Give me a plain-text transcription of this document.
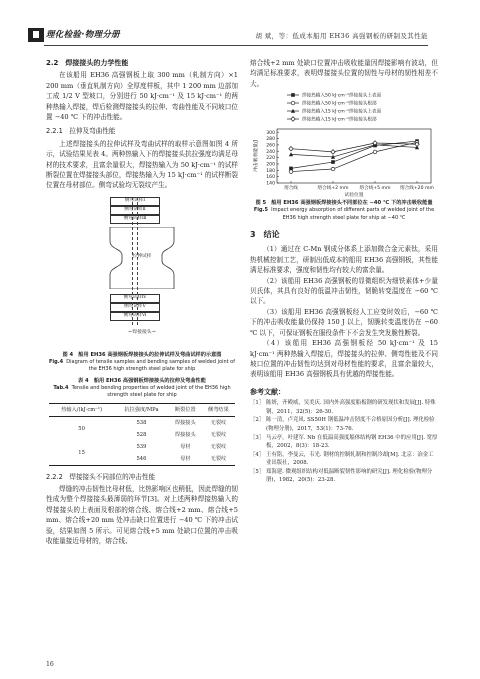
理化检验·物理分册	胡 斌，等：低成本船用 EH36 高强钢板的研制及其性能
2.2　焊接接头的力学性能

在该船用 EH36 高强钢板上取 300 mm（轧制方向）×1 200 mm（垂直轧制方向）全厚度样板，其中 1 200 mm 边部加工成 1/2 V 型坡口，分别进行 50 kJ·cm⁻¹ 及 15 kJ·cm⁻¹ 的两种热输入焊接，焊后检测焊接接头的拉伸、弯曲性能及不同坡口位置 −40 ℃ 下的冲击性能。

2.2.1　拉伸及弯曲性能

上述焊接接头的拉伸试样及弯曲试样的取样示意图如图 4 所示，试验结果见表 4。两种热输入下的焊接接头抗拉强度均满足母材的技术要求，且富余量很大，焊接热输入为 50 kJ·cm⁻¹ 的试样断裂位置在焊接接头部位，焊接热输入为 15 kJ·cm⁻¹ 的试样断裂位置在母材部位。侧弯试验均无裂纹产生。

侧弯试样Ⅰ
侧弯试样Ⅱ
侧弯试样Ⅲ
拉伸试样
侧弯试样Ⅳ
侧弯试样Ⅴ
侧弯试样Ⅵ
←焊接接头→
图 4　船用 EH36 高强钢板焊接接头的拉伸试样及弯曲试样的示意图
Fig.4 Diagram of tensile samples and bending samples of welded joint of the EH36 high strength steel plate for ship
表 4　船用 EH36 高强钢板焊接接头的拉伸及弯曲性能
Tab.4 Tensile and bending properties of welded joint of the EH36 high strength steel plate for ship
热输入/(kJ·cm⁻¹)	抗拉强度/MPa	断裂位置	侧弯结果
50	538	焊接接头	无裂纹
	528	焊接接头	无裂纹
15	539	母材	无裂纹
	546	母材	无裂纹
2.2.2　焊接接头不同部位的冲击性能

焊缝的冲击韧性比母材低，比热影响区也稍低，因此焊缝的韧性成为整个焊接接头最薄弱的环节[3]。对上述两种焊接热输入的焊接接头的上表面及根部的熔合线、熔合线+2 mm、熔合线+5 mm、熔合线+20 mm 处冲击缺口位置进行 −40 ℃ 下的冲击试验，结果如图 5 所示。可见熔合线+5 mm 处缺口位置的冲击吸收能量接近母材的，熔合线、

熔合线+2 mm 处缺口位置冲击吸收能量因焊接影响有波动，但均满足标准要求，表明焊接接头位置的韧性与母材的韧性相差不大。

140
160
180
200
220
240
260
280
300
冲击吸收能量/J
熔合线	熔合线+2 mm 熔合线+5 mm 熔合线+20 mm
试验位置
焊接热输入50 kJ·cm⁻¹焊接接头上表面
焊接热输入50 kJ·cm⁻¹焊接接头根部
焊接热输入15 kJ·cm⁻¹焊接接头上表面
焊接热输入15 kJ·cm⁻¹焊接接头根部
图 5　船用 EH36 高强钢板焊接接头不同部位在 −40 ℃ 下的冲击吸收能量
Fig.5 Impact energy absorption of different parts of welded joint of the EH36 high strength steel plate for ship at −40 ℃
3　结论

（1）通过在 C-Mn 钢成分体系上添加微合金元素钛，采用热机械控制工艺，研制出低成本的船用 EH36 高强钢板，其性能满足标准要求，强度和韧性均有较大的富余量。

（2）该船用 EH36 高强钢板的显微组织为细铁素体+少量贝氏体，其具有良好的低温冲击韧性，韧脆转变温度在 −60 ℃ 以下。

（3）该船用 EH36 高强钢板经人工应变时效后，−60 ℃ 下的冲击吸收能量仍保持 150 J 以上，韧脆转变温度仍在 −60 ℃ 以下，可保证钢板在服役条件下不会发生突发脆性断裂。

（4）该船用 EH36 高强钢板经 50 kJ·cm⁻¹ 及 15 kJ·cm⁻¹ 两种热输入焊接后，焊接接头的拉伸、侧弯性能及不同坡口位置的冲击韧性均达到对母材性能的要求，且富余量较大，表明该船用 EH36 高强钢板具有优越的焊接性能。

参考文献：
［1］ 陈妍，齐殿威，吴美庆. 国内外高强度船板钢的研发现状和发展[J]. 特殊钢，2011，32(5)：26-30.
［2］ 陈一清，卢竞凤. SS50H 钢低温冲击韧度不合格原因分析[J]. 理化检验(物理分册)，2017，53(1)：73-76.
［3］ 马云亭，叶建军. Nb 在低温高强度船体结构钢 EH36 中的应用[J]. 宽厚板，2002，8(3)：18-23.
［4］ 王有铭，李曼云，韦光. 钢材的控制轧制和控制冷却[M]. 北京：冶金工业出版社，2008.
［5］ 郑海建. 微观组织结构对低温断裂韧性影响的研究[J]. 理化检验(物理分册)，1982，20(5)：23-28.
16
